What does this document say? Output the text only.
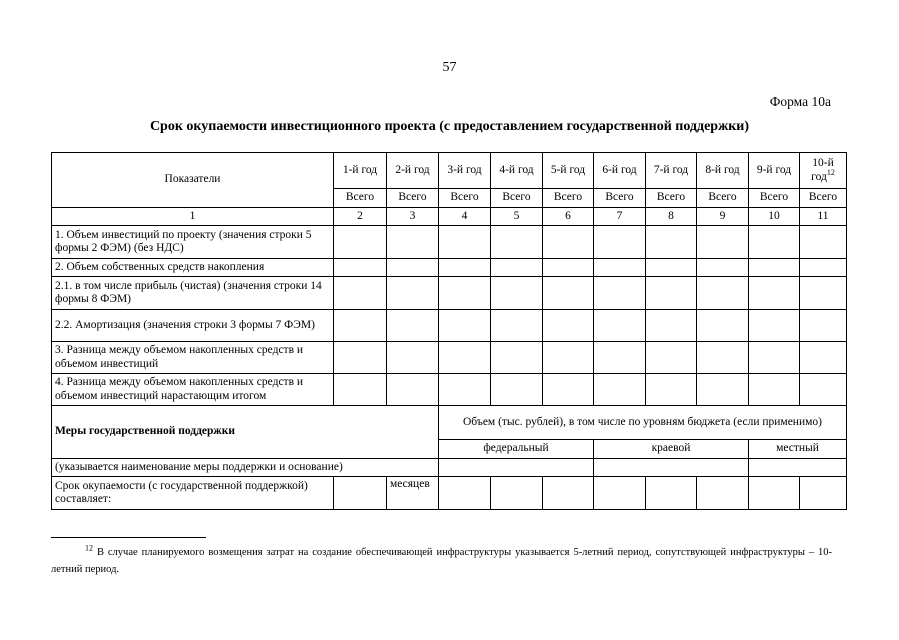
57
Форма 10а
Срок окупаемости инвестиционного проекта (с предоставлением государственной поддержки)
Показатели	1-й год	2-й год	3-й год	4-й год	5-й год	6-й год	7-й год	8-й год	9-й год	10-й год$^{12}$
	Всего	Всего	Всего	Всего	Всего	Всего	Всего	Всего	Всего	Всего
1	2	3	4	5	6	7	8	9	10	11
1. Объем инвестиций по проекту (значения строки 5 формы 2 ФЭМ) (без НДС)										
2. Объем собственных средств накопления										
2.1. в том числе прибыль (чистая) (значения строки 14 формы 8 ФЭМ)										
2.2. Амортизация (значения строки 3 формы 7 ФЭМ)										
3. Разница между объемом накопленных средств и объемом инвестиций										
4. Разница между объемом накопленных средств и объемом инвестиций нарастающим итогом										
Меры государственной поддержки			Объем (тыс. рублей), в том числе по уровням бюджета (если применимо)							
			федеральный			краевой			местный	
(указывается наименование меры поддержки и основание)										
Срок окупаемости (с государственной поддержкой) составляет:		месяцев								
$^{12}$ В случае планируемого возмещения затрат на создание обеспечивающей инфраструктуры указывается 5-летний период, сопутствующей инфраструктуры – 10-летний период.
